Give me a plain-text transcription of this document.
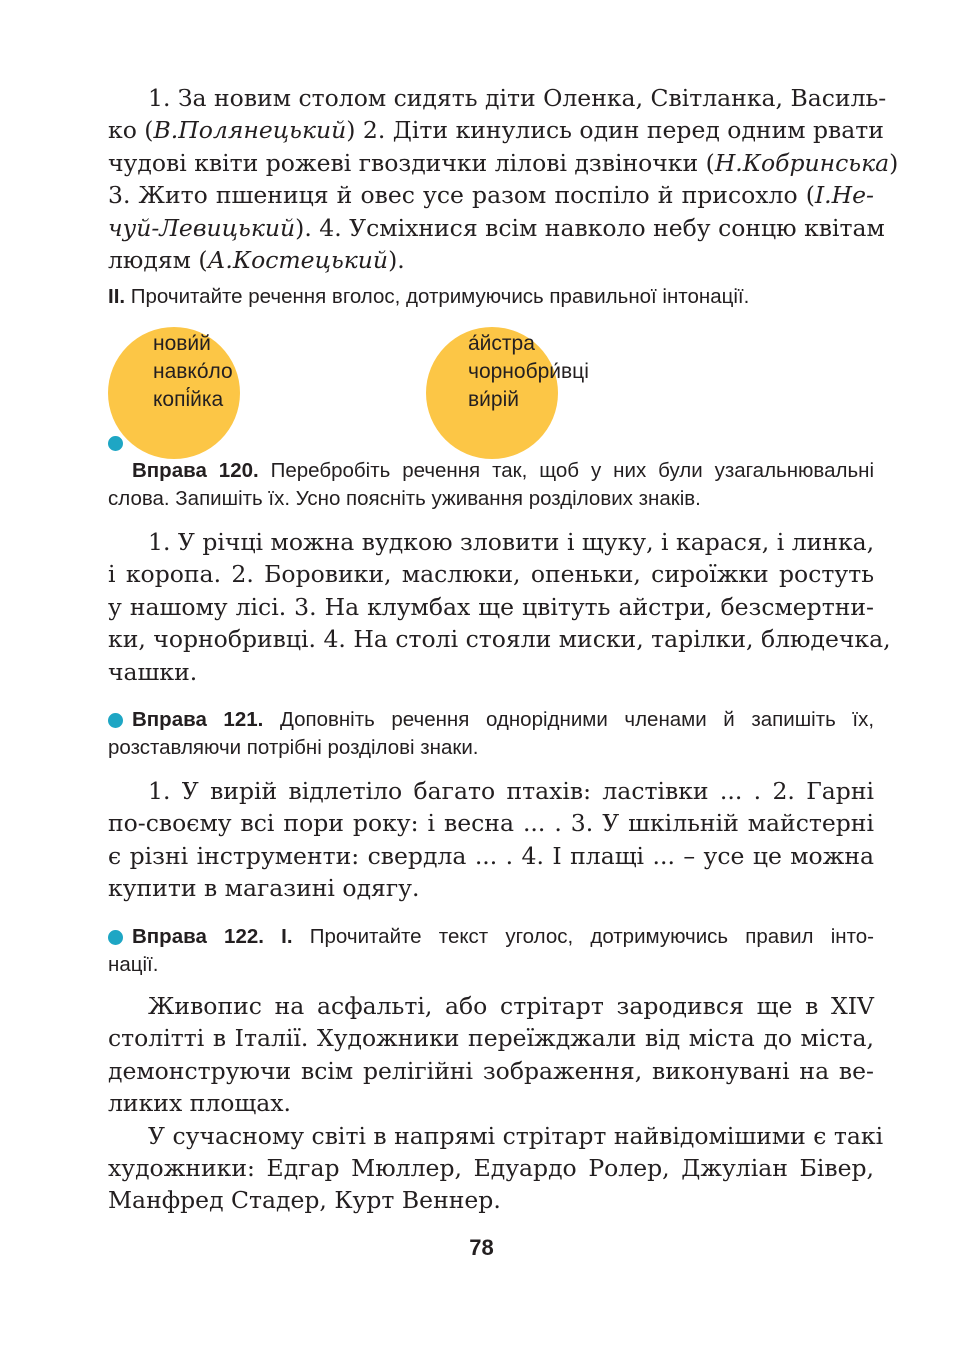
1. За новим столом сидять діти Оленка, Світланка, Василь-
ко (В.Полянецький) 2. Діти кинулись один перед одним рвати
чудові квіти рожеві гвоздички лілові дзвіночки (Н.Кобринська)
3. Жито пшениця й овес усе разом поспіло й присохло (І.Не-
чуй-Левицький). 4. Усміхнися всім навколо небу сонцю квітам
людям (А.Костецький).
ІІ. Прочитайте речення вголос, дотримуючись правильної інтонації.
нови́й
навко́ло
копі́йка
а́йстра
чорнобри́вці
ви́рій
Вправа 120. Перебробіть речення так, щоб у них були узагальнювальні
слова. Запишіть їх. Усно поясніть уживання розділових знаків.
1. У річці можна вудкою зловити і щуку, і карася, і линка,
і коропа. 2. Боровики, маслюки, опеньки, сироїжки ростуть
у нашому лісі. 3. На клумбах ще цвітуть айстри, безсмертни-
ки, чорнобривці. 4. На столі стояли миски, тарілки, блюдечка,
чашки.
Вправа 121. Доповніть речення однорідними членами й запишіть їх,
розставляючи потрібні розділові знаки.
1. У вирій відлетіло багато птахів: ластівки ... . 2. Гарні
по-своєму всі пори року: і весна ... . 3. У шкільній майстерні
є різні інструменти: свердла ... . 4. І плащі ... – усе це можна
купити в магазині одягу.
Вправа 122. І. Прочитайте текст уголос, дотримуючись правил інто-
нації.
Живопис на асфальті, або стрітарт зародився ще в XIV
столітті в Італії. Художники переїжджали від міста до міста,
демонструючи всім релігійні зображення, виконувані на ве-
ликих площах.
У сучасному світі в напрямі стрітарт найвідомішими є такі
художники: Едгар Мюллер, Едуардо Ролер, Джуліан Бівер,
Манфред Стадер, Курт Веннер.
78
